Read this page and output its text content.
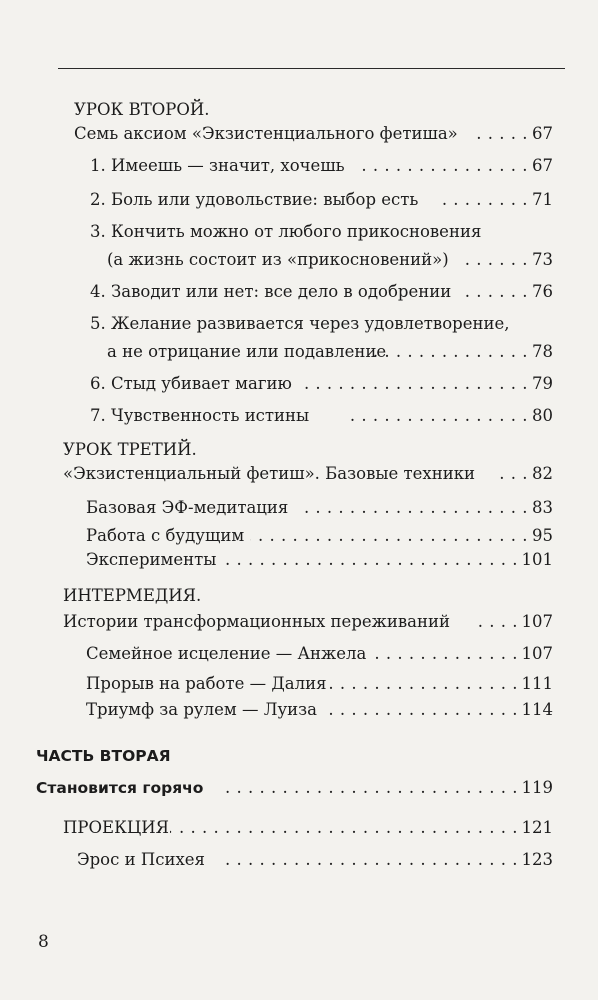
УРОК ВТОРОЙ.
Семь аксиом «Экзистенциального фетиша» . . .	67
1. Имеешь — значит, хочешь . . .	67
2. Боль или удовольствие: выбор есть . . .	71
3. Кончить можно от любого прикосновения
(а жизнь состоит из «прикосновений») . . .	73
4. Заводит или нет: все дело в одобрении . . .	76
5. Желание развивается через удовлетворение,
а не отрицание или подавление . . .	78
6. Стыд убивает магию . . .	79
7. Чувственность истины . . .	80
УРОК ТРЕТИЙ.
«Экзистенциальный фетиш». Базовые техники . . .	82
Базовая ЭФ-медитация . . .	83
Работа с будущим . . .	95
Эксперименты . . .	101
ИНТЕРМЕДИЯ.
Истории трансформационных переживаний . . .	107
Семейное исцеление — Анжела . . .	107
Прорыв на работе — Далия . . .	111
Триумф за рулем — Луиза . . .	114
ЧАСТЬ ВТОРАЯ
Становится горячо . . .	119
ПРОЕКЦИЯ . . .	121
Эрос и Психея . . .	123
8
